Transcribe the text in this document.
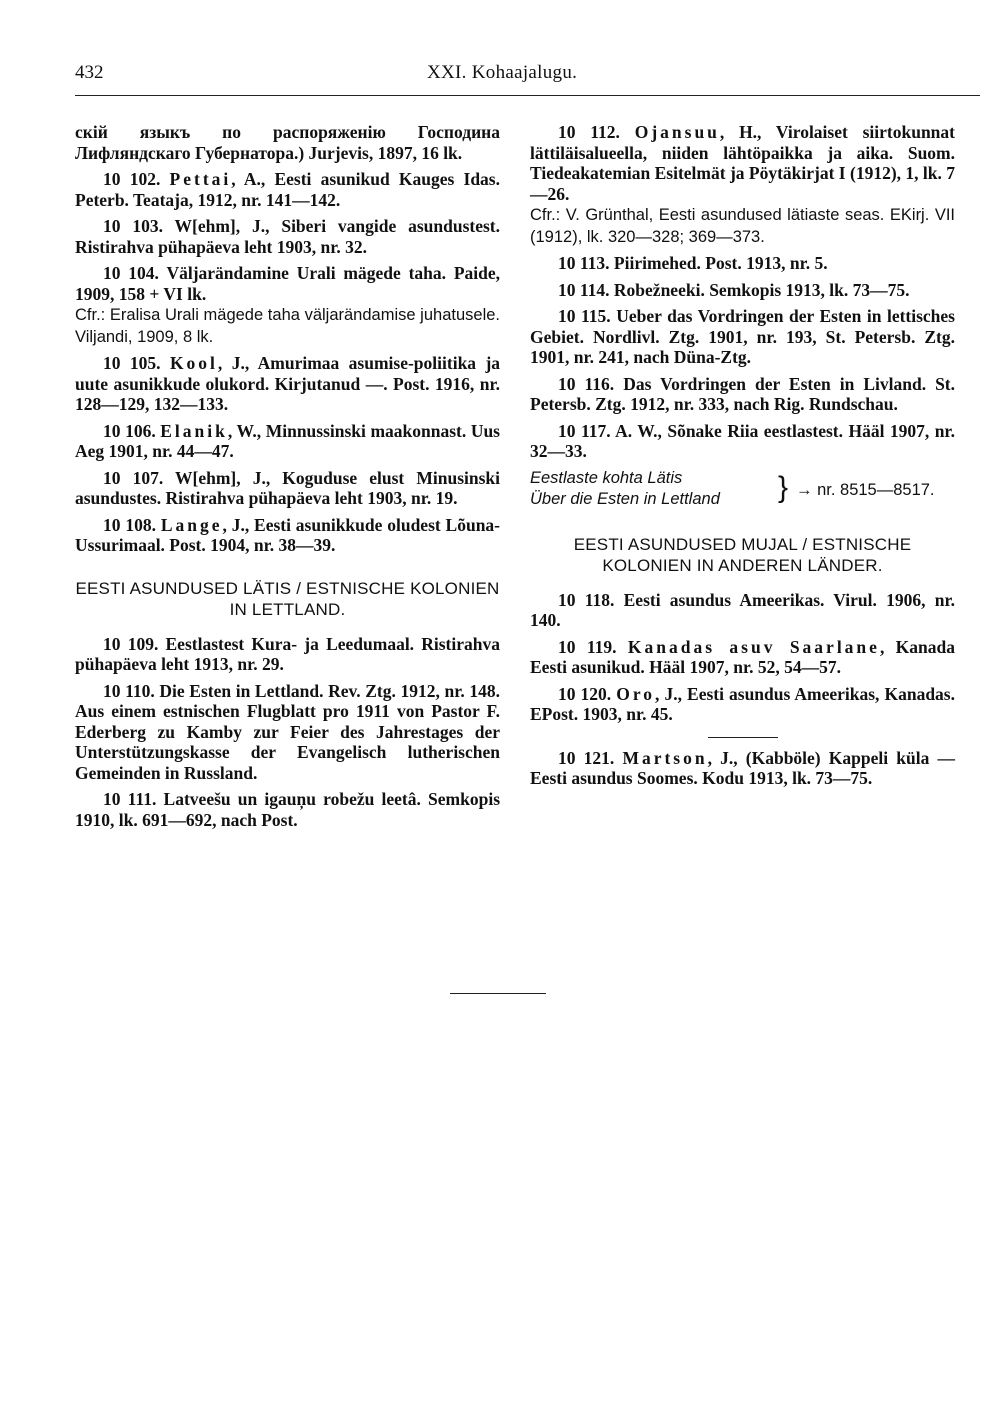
432	XXI. Kohaajalugu.

скій языкъ по распоряженію Господина Лифляндскаго Губернатора.) Jurjevis, 1897, 16 lk.

10 102. Pettai, A., Eesti asunikud Kauges Idas. Peterb. Teataja, 1912, nr. 141—142.

10 103. W[ehm], J., Siberi vangide asundustest. Ristirahva pühapäeva leht 1903, nr. 32.

10 104. Väljarändamine Urali mägede taha. Paide, 1909, 158 + VI lk.
Cfr.: Eralisa Urali mägede taha väljarändamise juhatusele. Viljandi, 1909, 8 lk.

10 105. Kool, J., Amurimaa asumise-poliitika ja uute asunikkude olukord. Kirjutanud —. Post. 1916, nr. 128—129, 132—133.

10 106. Elanik, W., Minnussinski maakonnast. Uus Aeg 1901, nr. 44—47.

10 107. W[ehm], J., Koguduse elust Minusinski asundustes. Ristirahva pühapäeva leht 1903, nr. 19.

10 108. Lange, J., Eesti asunikkude oludest Lõuna-Ussurimaal. Post. 1904, nr. 38—39.

EESTI ASUNDUSED LÄTIS / ESTNISCHE KOLONIEN IN LETTLAND.

10 109. Eestlastest Kura- ja Leedumaal. Ristirahva pühapäeva leht 1913, nr. 29.

10 110. Die Esten in Lettland. Rev. Ztg. 1912, nr. 148. Aus einem estnischen Flugblatt pro 1911 von Pastor F. Ederberg zu Kamby zur Feier des Jahrestages der Unterstützungskasse der Evangelisch lutherischen Gemeinden in Russland.

10 111. Latveešu un igauņu robežu leetâ. Semkopis 1910, lk. 691—692, nach Post.

10 112. Ojansuu, H., Virolaiset siirtokunnat lättiläisalueella, niiden lähtöpaikka ja aika. Suom. Tiedeakatemian Esitelmät ja Pöytäkirjat I (1912), 1, lk. 7—26.
Cfr.: V. Grünthal, Eesti asundused lätiaste seas. EKirj. VII (1912), lk. 320—328; 369—373.

10 113. Piirimehed. Post. 1913, nr. 5.

10 114. Robežneeki. Semkopis 1913, lk. 73—75.

10 115. Ueber das Vordringen der Esten in lettisches Gebiet. Nordlivl. Ztg. 1901, nr. 193, St. Petersb. Ztg. 1901, nr. 241, nach Düna-Ztg.

10 116. Das Vordringen der Esten in Livland. St. Petersb. Ztg. 1912, nr. 333, nach Rig. Rundschau.

10 117. A. W., Sõnake Riia eestlastest. Hääl 1907, nr. 32—33.

Eestlaste kohta Lätis
Über die Esten in Lettland } → nr. 8515—8517.
EESTI ASUNDUSED MUJAL / ESTNISCHE KOLONIEN IN ANDEREN LÄNDER.

10 118. Eesti asundus Ameerikas. Virul. 1906, nr. 140.

10 119. Kanadas asuv Saarlane, Kanada Eesti asunikud. Hääl 1907, nr. 52, 54—57.

10 120. Oro, J., Eesti asundus Ameerikas, Kanadas. EPost. 1903, nr. 45.

10 121. Martson, J., (Kabböle) Kappeli küla — Eesti asundus Soomes. Kodu 1913, lk. 73—75.
